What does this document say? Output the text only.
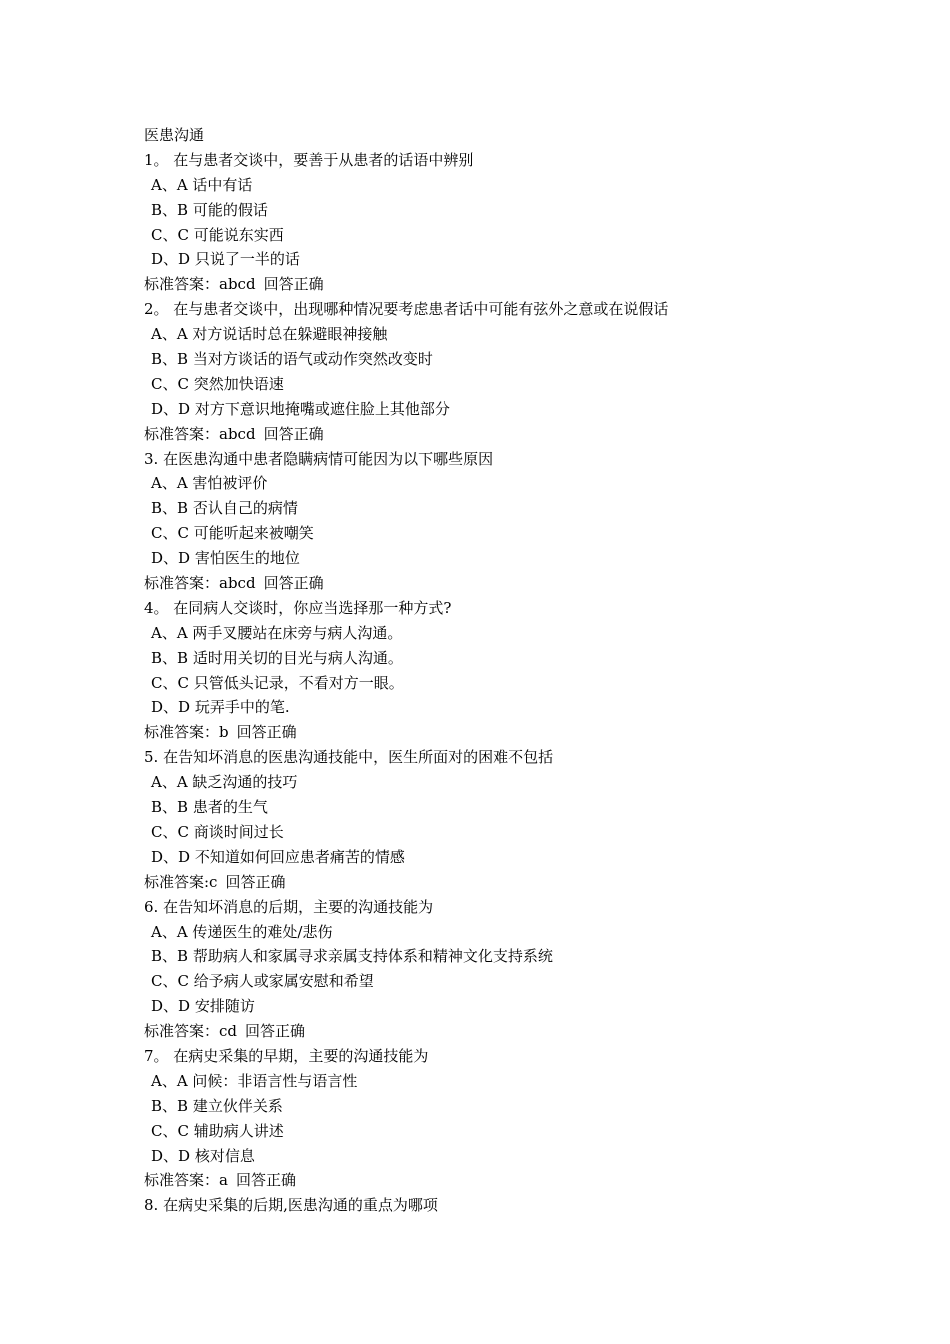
医患沟通
1。 在与患者交谈中，要善于从患者的话语中辨别
A、A 话中有话
B、B 可能的假话
C、C 可能说东实西
D、D 只说了一半的话
标准答案：abcd 回答正确
2。 在与患者交谈中，出现哪种情况要考虑患者话中可能有弦外之意或在说假话
A、A 对方说话时总在躲避眼神接触
B、B 当对方谈话的语气或动作突然改变时
C、C 突然加快语速
D、D 对方下意识地掩嘴或遮住脸上其他部分
标准答案：abcd 回答正确
3. 在医患沟通中患者隐瞒病情可能因为以下哪些原因
A、A 害怕被评价
B、B 否认自己的病情
C、C 可能听起来被嘲笑
D、D 害怕医生的地位
标准答案：abcd 回答正确
4。 在同病人交谈时，你应当选择那一种方式?
A、A 两手叉腰站在床旁与病人沟通。
B、B 适时用关切的目光与病人沟通。
C、C 只管低头记录，不看对方一眼。
D、D 玩弄手中的笔.
标准答案：b 回答正确
5. 在告知坏消息的医患沟通技能中，医生所面对的困难不包括
A、A 缺乏沟通的技巧
B、B 患者的生气
C、C 商谈时间过长
D、D 不知道如何回应患者痛苦的情感
标准答案:c 回答正确
6. 在告知坏消息的后期，主要的沟通技能为
A、A 传递医生的难处/悲伤
B、B 帮助病人和家属寻求亲属支持体系和精神文化支持系统
C、C 给予病人或家属安慰和希望
D、D 安排随访
标准答案：cd 回答正确
7。 在病史采集的早期，主要的沟通技能为
A、A 问候：非语言性与语言性
B、B 建立伙伴关系
C、C 辅助病人讲述
D、D 核对信息
标准答案：a 回答正确
8. 在病史采集的后期,医患沟通的重点为哪项
